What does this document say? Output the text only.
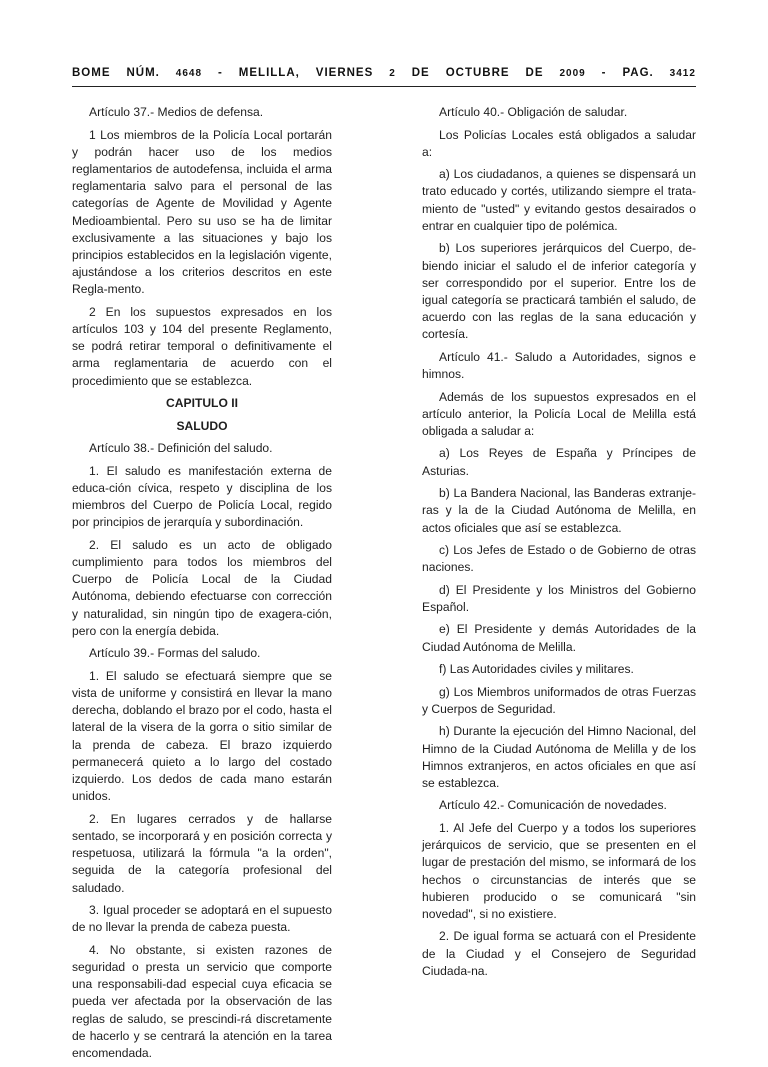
BOME NÚM. 4648 - MELILLA, VIERNES 2 DE OCTUBRE DE 2009 - PAG. 3412

Artículo 37.- Medios de defensa.

1 Los miembros de la Policía Local portarán y podrán hacer uso de los medios reglamentarios de autodefensa, incluida el arma reglamentaria salvo para el personal de las categorías de Agente de Movilidad y Agente Medioambiental. Pero su uso se ha de limitar exclusivamente a las situaciones y bajo los principios establecidos en la legislación vigente, ajustándose a los criterios descritos en este Regla-mento.

2 En los supuestos expresados en los artículos 103 y 104 del presente Reglamento, se podrá retirar temporal o definitivamente el arma reglamentaria de acuerdo con el procedimiento que se establezca.

CAPITULO II

SALUDO

Artículo 38.- Definición del saludo.

1. El saludo es manifestación externa de educa-ción cívica, respeto y disciplina de los miembros del Cuerpo de Policía Local, regido por principios de jerarquía y subordinación.

2. El saludo es un acto de obligado cumplimiento para todos los miembros del Cuerpo de Policía Local de la Ciudad Autónoma, debiendo efectuarse con corrección y naturalidad, sin ningún tipo de exagera-ción, pero con la energía debida.

Artículo 39.- Formas del saludo.

1. El saludo se efectuará siempre que se vista de uniforme y consistirá en llevar la mano derecha, doblando el brazo por el codo, hasta el lateral de la visera de la gorra o sitio similar de la prenda de cabeza. El brazo izquierdo permanecerá quieto a lo largo del costado izquierdo. Los dedos de cada mano estarán unidos.

2. En lugares cerrados y de hallarse sentado, se incorporará y en posición correcta y respetuosa, utilizará la fórmula "a la orden", seguida de la categoría profesional del saludado.

3. Igual proceder se adoptará en el supuesto de no llevar la prenda de cabeza puesta.

4. No obstante, si existen razones de seguridad o presta un servicio que comporte una responsabili-dad especial cuya eficacia se pueda ver afectada por la observación de las reglas de saludo, se prescindi-rá discretamente de hacerlo y se centrará la atención en la tarea encomendada.

Artículo 40.- Obligación de saludar.

Los Policías Locales está obligados a saludar a:

a) Los ciudadanos, a quienes se dispensará un trato educado y cortés, utilizando siempre el trata-miento de "usted" y evitando gestos desairados o entrar en cualquier tipo de polémica.

b) Los superiores jerárquicos del Cuerpo, de-biendo iniciar el saludo el de inferior categoría y ser correspondido por el superior. Entre los de igual categoría se practicará también el saludo, de acuerdo con las reglas de la sana educación y cortesía.

Artículo 41.- Saludo a Autoridades, signos e himnos.

Además de los supuestos expresados en el artículo anterior, la Policía Local de Melilla está obligada a saludar a:

a) Los Reyes de España y Príncipes de Asturias.

b) La Bandera Nacional, las Banderas extranje-ras y la de la Ciudad Autónoma de Melilla, en actos oficiales que así se establezca.

c) Los Jefes de Estado o de Gobierno de otras naciones.

d) El Presidente y los Ministros del Gobierno Español.

e) El Presidente y demás Autoridades de la Ciudad Autónoma de Melilla.

f) Las Autoridades civiles y militares.

g) Los Miembros uniformados de otras Fuerzas y Cuerpos de Seguridad.

h) Durante la ejecución del Himno Nacional, del Himno de la Ciudad Autónoma de Melilla y de los Himnos extranjeros, en actos oficiales en que así se establezca.

Artículo 42.- Comunicación de novedades.

1. Al Jefe del Cuerpo y a todos los superiores jerárquicos de servicio, que se presenten en el lugar de prestación del mismo, se informará de los hechos o circunstancias de interés que se hubieren producido o se comunicará "sin novedad", si no existiere.

2. De igual forma se actuará con el Presidente de la Ciudad y el Consejero de Seguridad Ciudada-na.
